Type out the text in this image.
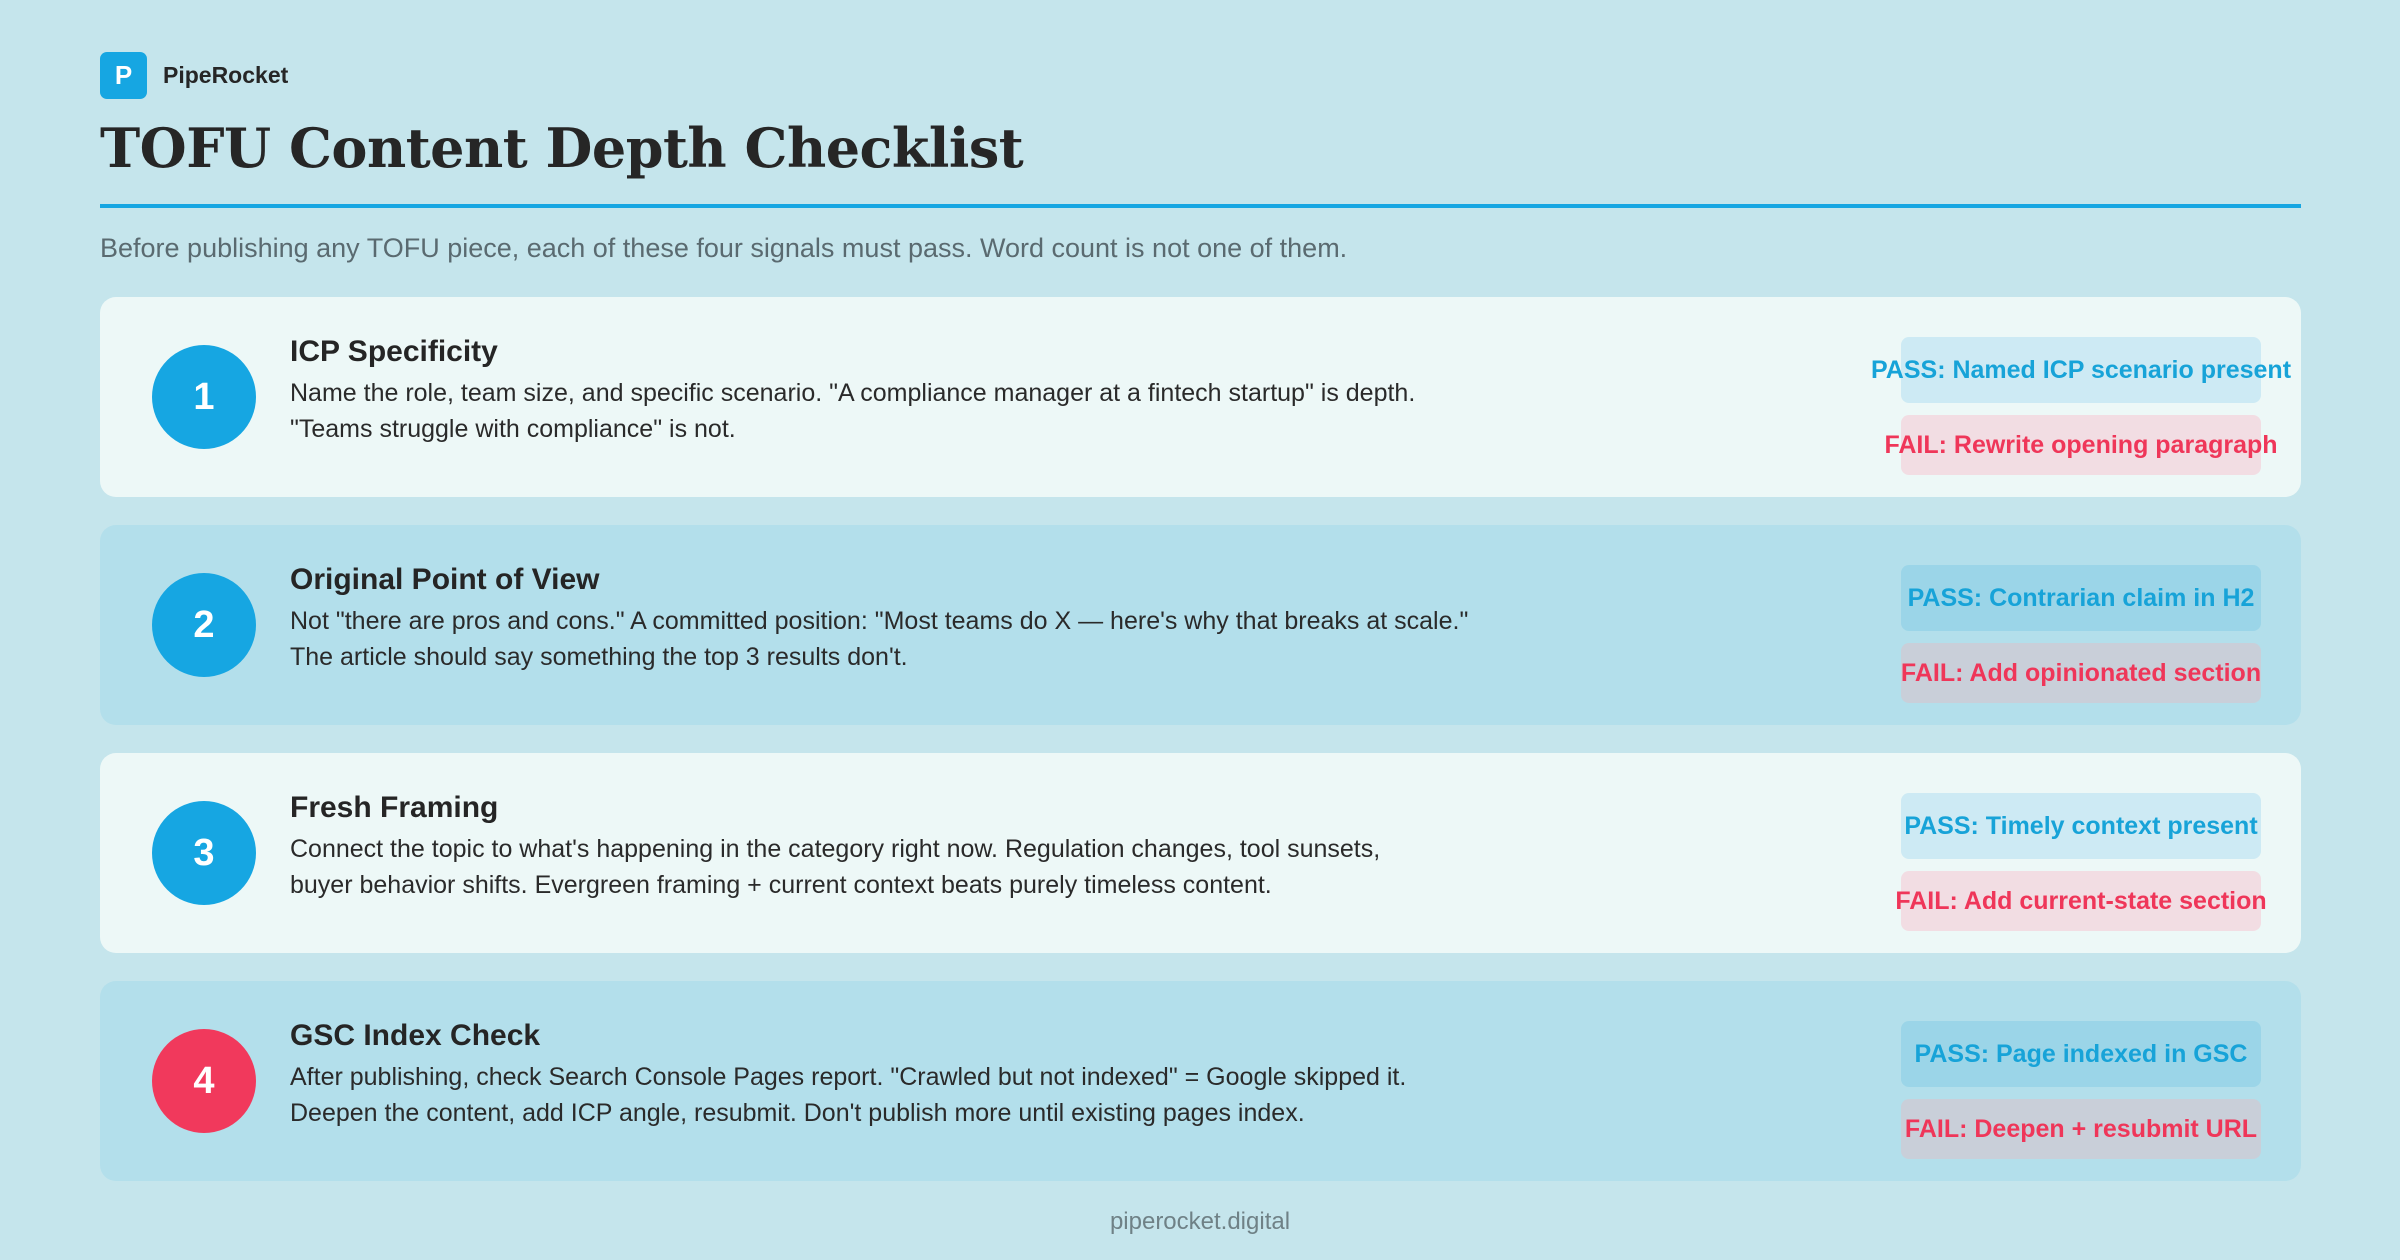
P	PipeRocket
TOFU Content Depth Checklist
Before publishing any TOFU piece, each of these four signals must pass. Word count is not one of them.
1
ICP Specificity
Name the role, team size, and specific scenario. "A compliance manager at a fintech startup" is depth.
"Teams struggle with compliance" is not.
PASS: Named ICP scenario present
FAIL: Rewrite opening paragraph
2
Original Point of View
Not "there are pros and cons." A committed position: "Most teams do X — here's why that breaks at scale."
The article should say something the top 3 results don't.
PASS: Contrarian claim in H2
FAIL: Add opinionated section
3
Fresh Framing
Connect the topic to what's happening in the category right now. Regulation changes, tool sunsets,
buyer behavior shifts. Evergreen framing + current context beats purely timeless content.
PASS: Timely context present
FAIL: Add current-state section
4
GSC Index Check
After publishing, check Search Console Pages report. "Crawled but not indexed" = Google skipped it.
Deepen the content, add ICP angle, resubmit. Don't publish more until existing pages index.
PASS: Page indexed in GSC
FAIL: Deepen + resubmit URL
piperocket.digital
